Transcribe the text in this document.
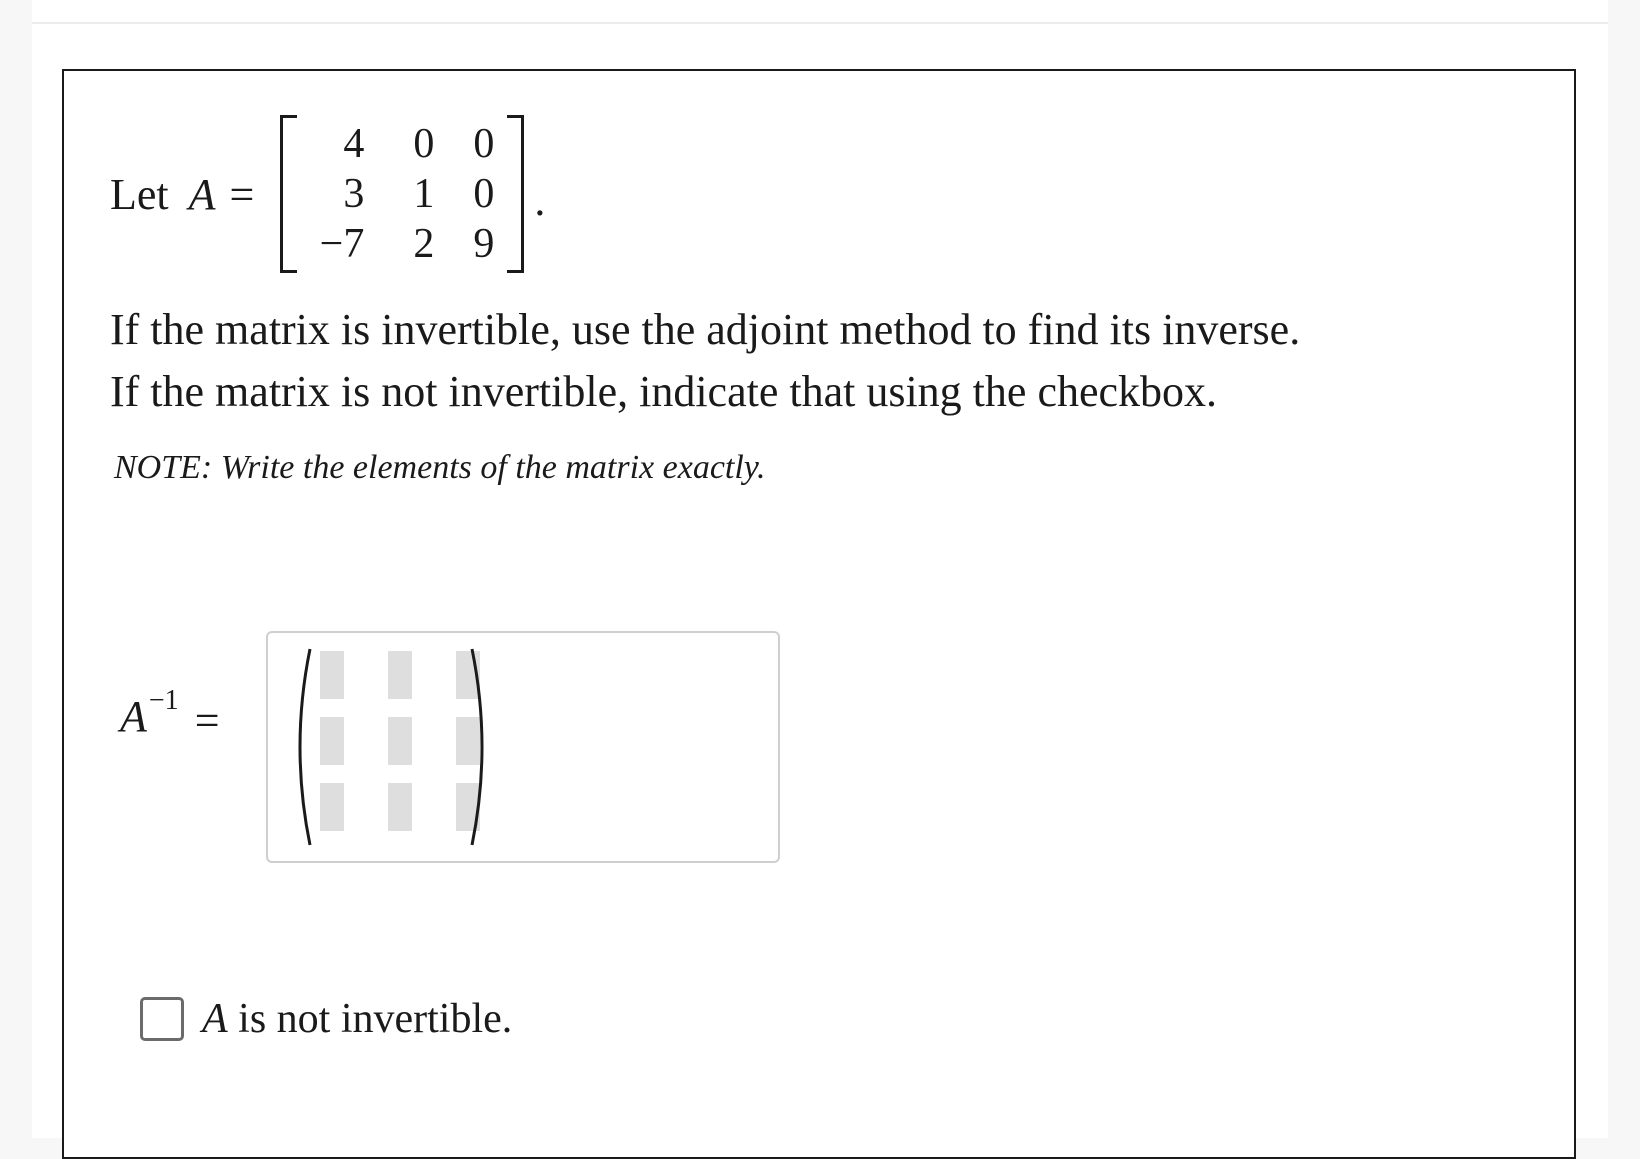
Let A =
4	0 0
3	1 0
−7	2 9
.
If the matrix is invertible, use the adjoint method to find its inverse.
If the matrix is not invertible, indicate that using the checkbox.
NOTE: Write the elements of the matrix exactly.
$A^{-1}$ =
A is not invertible.
